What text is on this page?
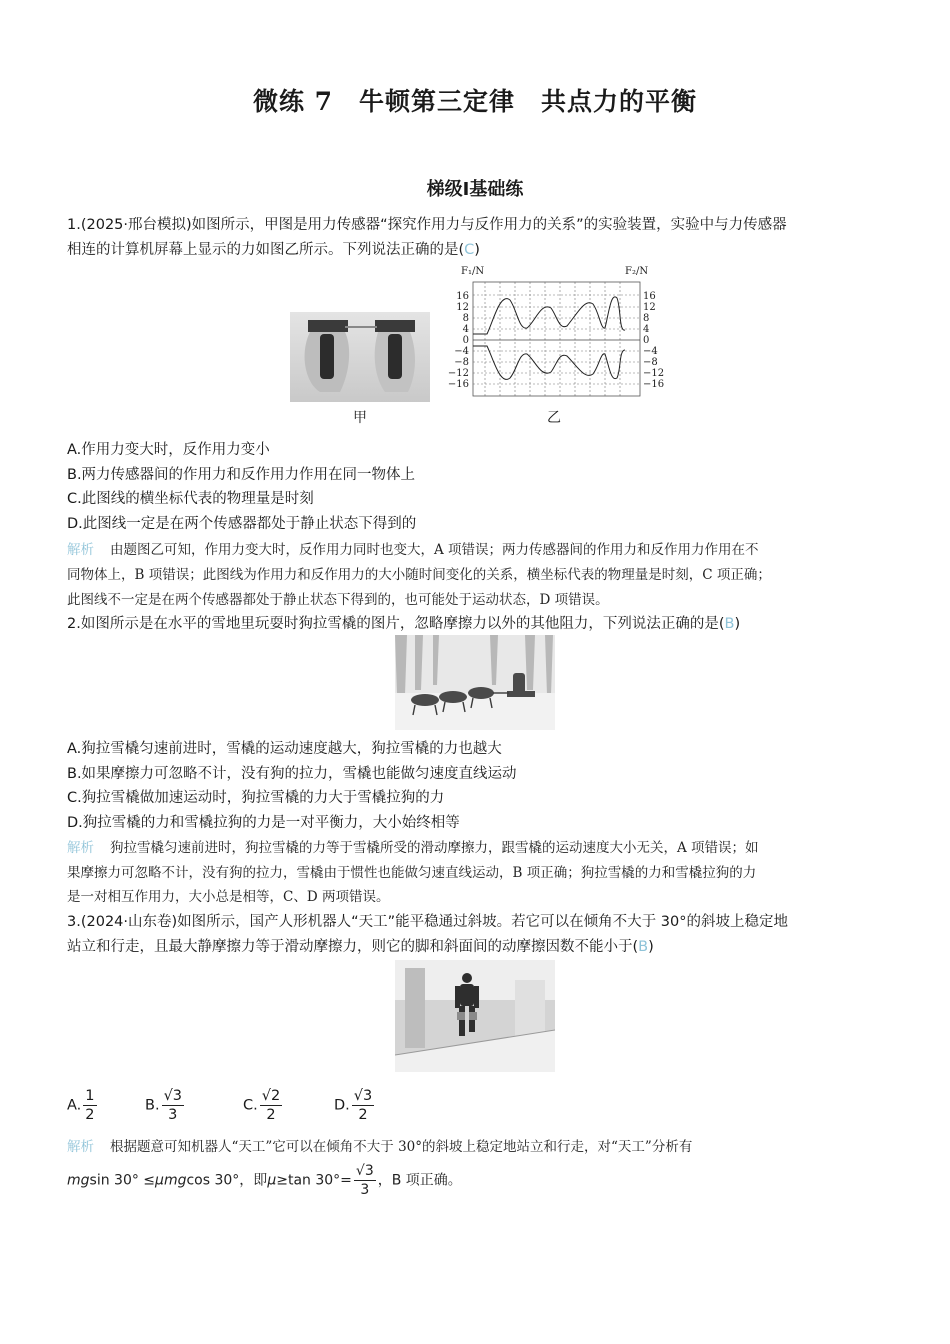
微练 7　牛顿第三定律　共点力的平衡
梯级Ⅰ基础练
1.(2025·邢台模拟)如图所示，甲图是用力传感器“探究作用力与反作用力的关系”的实验装置，实验中与力传感器
相连的计算机屏幕上显示的力如图乙所示。下列说法正确的是(C)
甲
F₁/N	F₂/N
16
12
8
4
0
−4
−8
−12
−16
16
12
8
4
0
−4
−8
−12
−16
乙
A.作用力变大时，反作用力变小
B.两力传感器间的作用力和反作用力作用在同一物体上
C.此图线的横坐标代表的物理量是时刻
D.此图线一定是在两个传感器都处于静止状态下得到的
解析 由题图乙可知，作用力变大时，反作用力同时也变大，A 项错误；两力传感器间的作用力和反作用力作用在不
同物体上，B 项错误；此图线为作用力和反作用力的大小随时间变化的关系，横坐标代表的物理量是时刻，C 项正确；
此图线不一定是在两个传感器都处于静止状态下得到的，也可能处于运动状态，D 项错误。
2.如图所示是在水平的雪地里玩耍时狗拉雪橇的图片，忽略摩擦力以外的其他阻力，下列说法正确的是(B)
A.狗拉雪橇匀速前进时，雪橇的运动速度越大，狗拉雪橇的力也越大
B.如果摩擦力可忽略不计，没有狗的拉力，雪橇也能做匀速度直线运动
C.狗拉雪橇做加速运动时，狗拉雪橇的力大于雪橇拉狗的力
D.狗拉雪橇的力和雪橇拉狗的力是一对平衡力，大小始终相等
解析 狗拉雪橇匀速前进时，狗拉雪橇的力等于雪橇所受的滑动摩擦力，跟雪橇的运动速度大小无关，A 项错误；如
果摩擦力可忽略不计，没有狗的拉力，雪橇由于惯性也能做匀速直线运动，B 项正确；狗拉雪橇的力和雪橇拉狗的力
是一对相互作用力，大小总是相等，C、D 两项错误。
3.(2024·山东卷)如图所示，国产人形机器人“天工”能平稳通过斜坡。若它可以在倾角不大于 30°的斜坡上稳定地
站立和行走，且最大静摩擦力等于滑动摩擦力，则它的脚和斜面间的动摩擦因数不能小于(B)
A. $\frac{1}{2}$	B. $\frac{√3}{3}$	C. $\frac{√2}{2}$	D. $\frac{√3}{2}$
解析 根据题意可知机器人“天工”它可以在倾角不大于 30°的斜坡上稳定地站立和行走，对“天工”分析有
mgsin 30° ≤μmgcos 30°，即μ≥tan $30^\circ= \frac{√3}{3}$ ，B 项正确。
